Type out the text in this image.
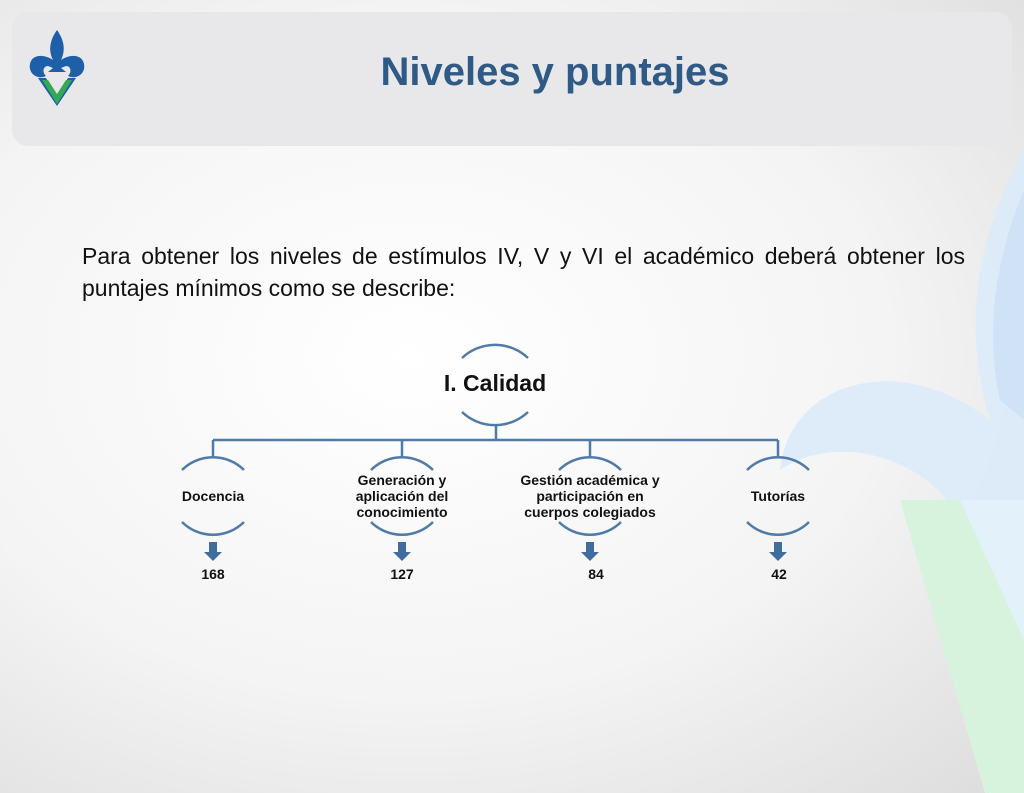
Niveles y puntajes

Para obtener los niveles de estímulos IV, V y VI el académico deberá obtener los puntajes mínimos como se describe:

I. Calidad
Docencia
Generación y aplicación del conocimiento
Gestión académica y participación en cuerpos colegiados
Tutorías
168	127	84	42
